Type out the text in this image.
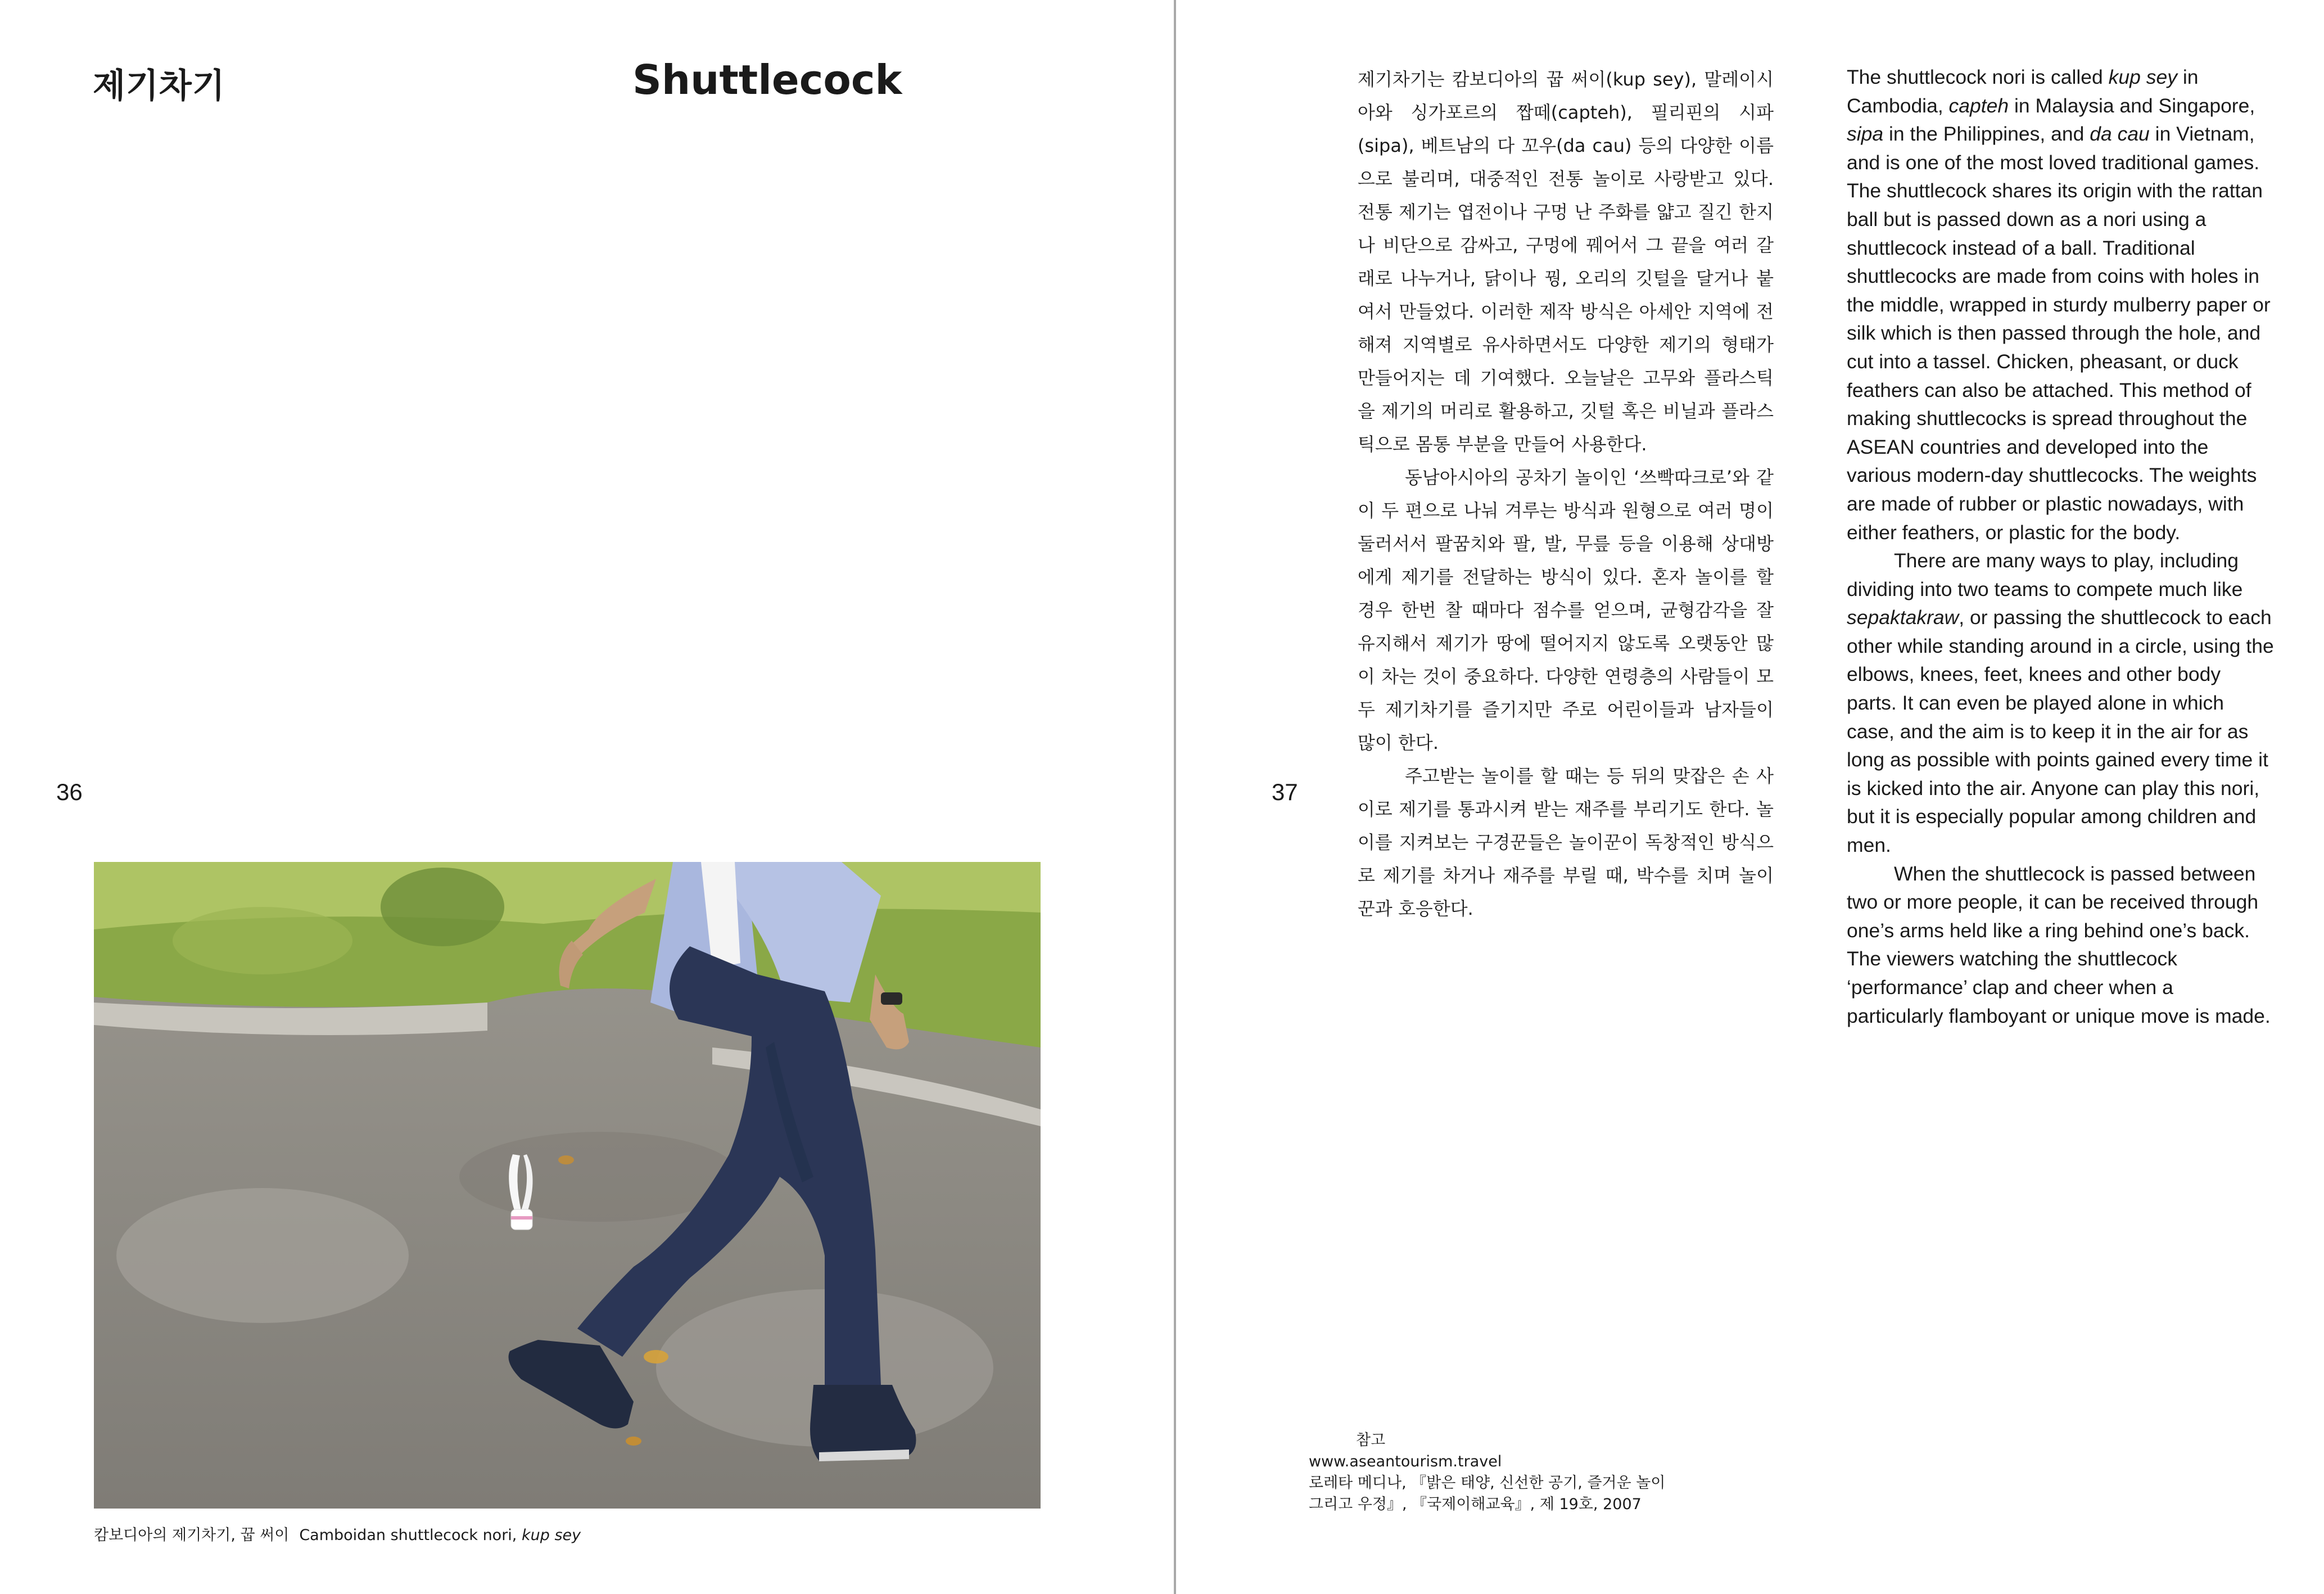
제기차기	Shuttlecock
36
캄보디아의 제기차기, 꿉 써이 Camboidan shuttlecock nori, kup sey
37

제기차기는 캄보디아의 꿉 써이(kup sey), 말레이시아와 싱가포르의 짭떼(capteh), 필리핀의 시파(sipa), 베트남의 다 꼬우(da cau) 등의 다양한 이름으로 불리며, 대중적인 전통 놀이로 사랑받고 있다. 전통 제기는 엽전이나 구멍 난 주화를 얇고 질긴 한지나 비단으로 감싸고, 구멍에 꿰어서 그 끝을 여러 갈래로 나누거나, 닭이나 꿩, 오리의 깃털을 달거나 붙여서 만들었다. 이러한 제작 방식은 아세안 지역에 전해져 지역별로 유사하면서도 다양한 제기의 형태가 만들어지는 데 기여했다. 오늘날은 고무와 플라스틱을 제기의 머리로 활용하고, 깃털 혹은 비닐과 플라스틱으로 몸통 부분을 만들어 사용한다.

동남아시아의 공차기 놀이인 ‘쓰빡따크로’와 같이 두 편으로 나눠 겨루는 방식과 원형으로 여러 명이 둘러서서 팔꿈치와 팔, 발, 무릎 등을 이용해 상대방에게 제기를 전달하는 방식이 있다. 혼자 놀이를 할 경우 한번 찰 때마다 점수를 얻으며, 균형감각을 잘 유지해서 제기가 땅에 떨어지지 않도록 오랫동안 많이 차는 것이 중요하다. 다양한 연령층의 사람들이 모두 제기차기를 즐기지만 주로 어린이들과 남자들이 많이 한다.

주고받는 놀이를 할 때는 등 뒤의 맞잡은 손 사이로 제기를 통과시켜 받는 재주를 부리기도 한다. 놀이를 지켜보는 구경꾼들은 놀이꾼이 독창적인 방식으로 제기를 차거나 재주를 부릴 때, 박수를 치며 놀이꾼과 호응한다.

The shuttlecock nori is called kup sey in Cambodia, capteh in Malaysia and Singapore, sipa in the Philippines, and da cau in Vietnam, and is one of the most loved traditional games. The shuttlecock shares its origin with the rattan ball but is passed down as a nori using a shuttlecock instead of a ball. Traditional shuttlecocks are made from coins with holes in the middle, wrapped in sturdy mulberry paper or silk which is then passed through the hole, and cut into a tassel. Chicken, pheasant, or duck feathers can also be attached. This method of making shuttlecocks is spread throughout the ASEAN countries and developed into the various modern-day shuttlecocks. The weights are made of rubber or plastic nowadays, with either feathers, or plastic for the body.

There are many ways to play, including dividing into two teams to compete much like sepaktakraw, or passing the shuttlecock to each other while standing around in a circle, using the elbows, knees, feet, knees and other body parts. It can even be played alone in which case, and the aim is to keep it in the air for as long as possible with points gained every time it is kicked into the air. Anyone can play this nori, but it is especially popular among children and men.

When the shuttlecock is passed between two or more people, it can be received through one’s arms held like a ring behind one’s back. The viewers watching the shuttlecock ‘performance’ clap and cheer when a particularly flamboyant or unique move is made.

참고
www.aseantourism.travel
로레타 메디나, 『밝은 태양, 신선한 공기, 즐거운 놀이
그리고 우정』, 『국제이해교육』, 제 19호, 2007
